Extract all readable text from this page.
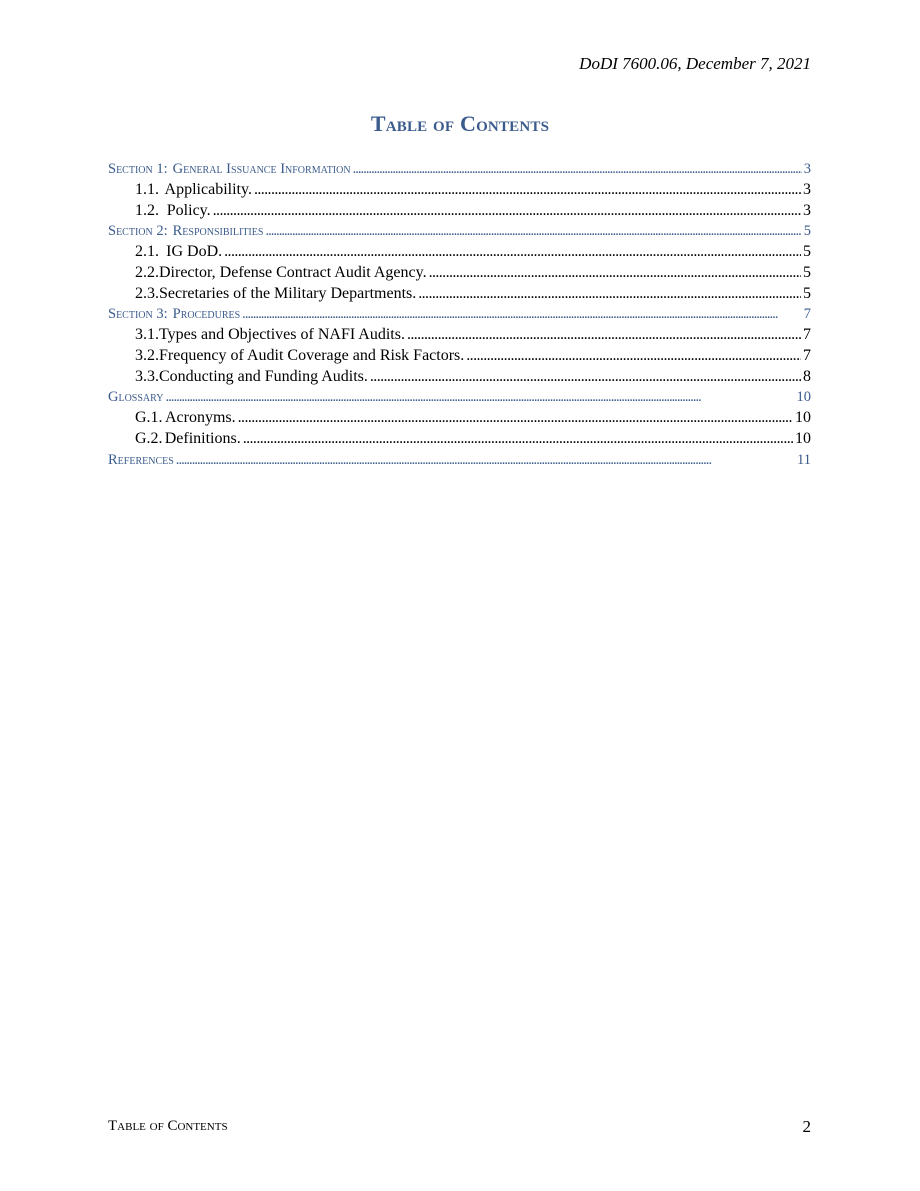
DoDI 7600.06, December 7, 2021
Table of Contents
Section 1: General Issuance Information . . .	3
1.1. Applicability. . . .	3
1.2. Policy. . . .	3
Section 2: Responsibilities . . .	5
2.1. IG DoD. . . .	5
2.2. Director, Defense Contract Audit Agency. . . .	5
2.3. Secretaries of the Military Departments. . . .	5
Section 3: Procedures . . .	7
3.1. Types and Objectives of NAFI Audits. . . .	7
3.2. Frequency of Audit Coverage and Risk Factors. . . .	7
3.3. Conducting and Funding Audits. . . .	8
Glossary . . .	10
G.1. Acronyms. . . .	10
G.2. Definitions. . . .	10
References . . .	11
Table of Contents	2
